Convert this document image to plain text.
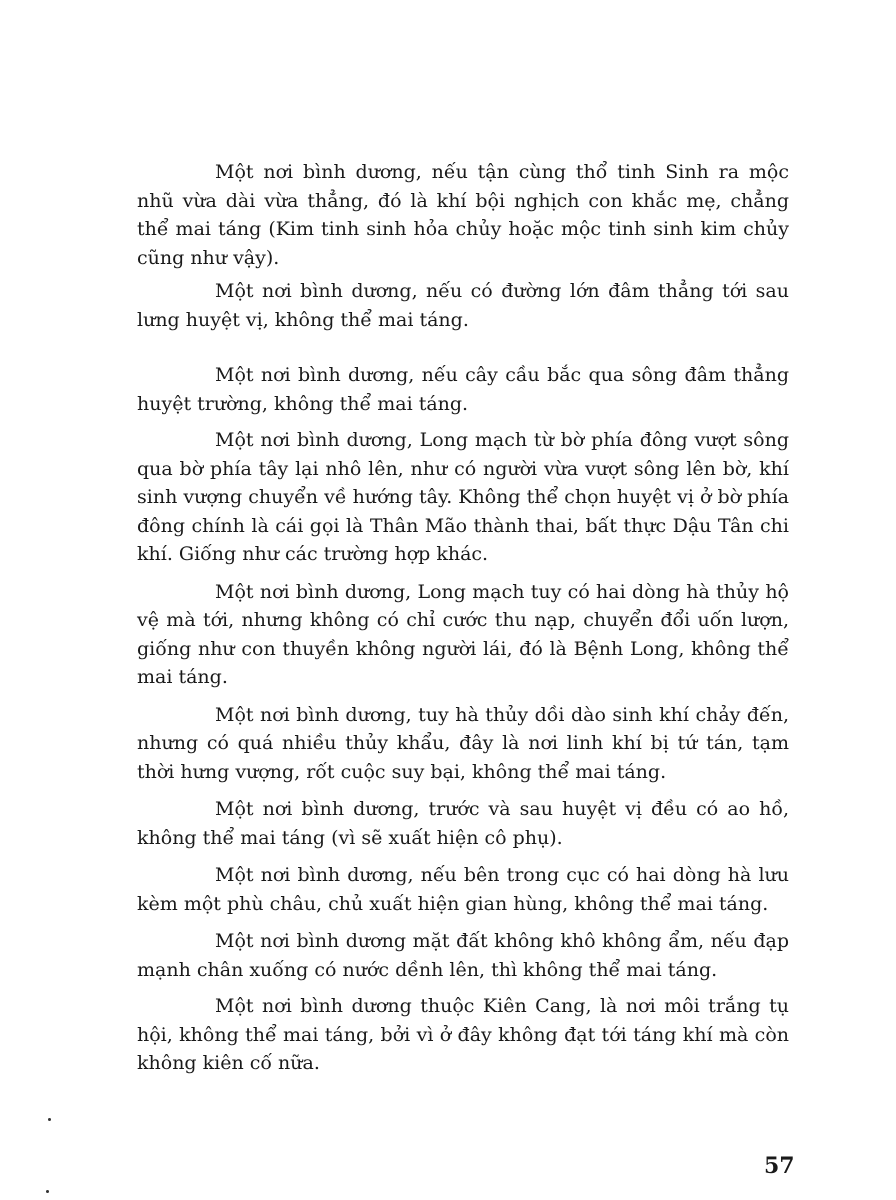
Một nơi bình dương, nếu tận cùng thổ tinh Sinh ra mộc nhũ vừa dài vừa thẳng, đó là khí bội nghịch con khắc mẹ, chẳng thể mai táng (Kim tinh sinh hỏa chủy hoặc mộc tinh sinh kim chủy cũng như vậy).

Một nơi bình dương, nếu có đường lớn đâm thẳng tới sau lưng huyệt vị, không thể mai táng.

Một nơi bình dương, nếu cây cầu bắc qua sông đâm thẳng huyệt trường, không thể mai táng.

Một nơi bình dương, Long mạch từ bờ phía đông vượt sông qua bờ phía tây lại nhô lên, như có người vừa vượt sông lên bờ, khí sinh vượng chuyển về hướng tây. Không thể chọn huyệt vị ở bờ phía đông chính là cái gọi là Thân Mão thành thai, bất thực Dậu Tân chi khí. Giống như các trường hợp khác.

Một nơi bình dương, Long mạch tuy có hai dòng hà thủy hộ vệ mà tới, nhưng không có chỉ cước thu nạp, chuyển đổi uốn lượn, giống như con thuyền không người lái, đó là Bệnh Long, không thể mai táng.

Một nơi bình dương, tuy hà thủy dồi dào sinh khí chảy đến, nhưng có quá nhiều thủy khẩu, đây là nơi linh khí bị tứ tán, tạm thời hưng vượng, rốt cuộc suy bại, không thể mai táng.

Một nơi bình dương, trước và sau huyệt vị đều có ao hồ, không thể mai táng (vì sẽ xuất hiện cô phụ).

Một nơi bình dương, nếu bên trong cục có hai dòng hà lưu kèm một phù châu, chủ xuất hiện gian hùng, không thể mai táng.

Một nơi bình dương mặt đất không khô không ẩm, nếu đạp mạnh chân xuống có nước dềnh lên, thì không thể mai táng.

Một nơi bình dương thuộc Kiên Cang, là nơi môi trắng tụ hội, không thể mai táng, bởi vì ở đây không đạt tới táng khí mà còn không kiên cố nữa.

57
